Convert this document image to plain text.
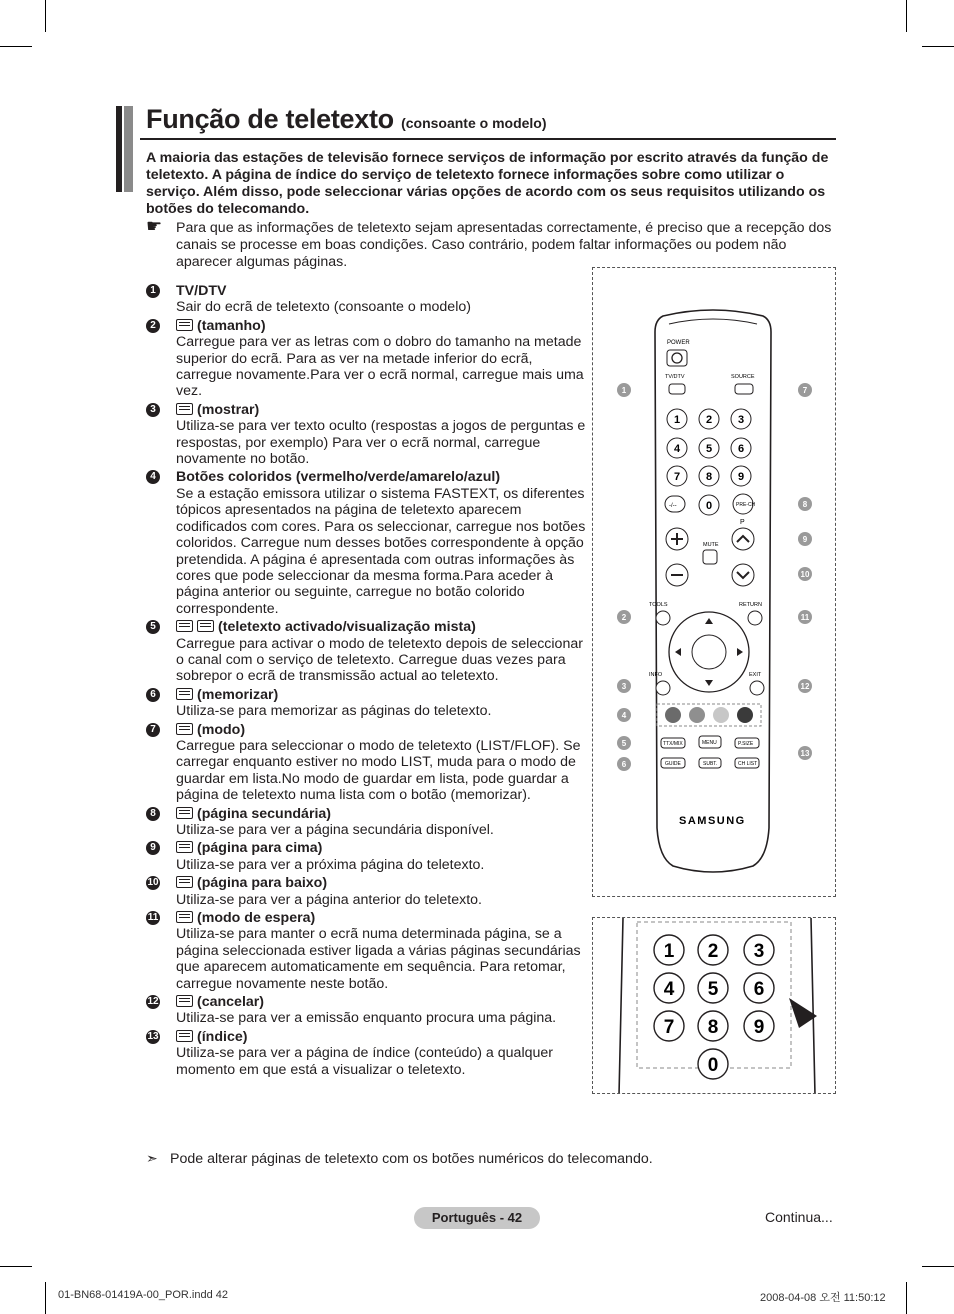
Função de teletexto (consoante o modelo)
A maioria das estações de televisão fornece serviços de informação por escrito através da função de teletexto. A página de índice do serviço de teletexto fornece informações sobre como utilizar o serviço. Além disso, pode seleccionar várias opções de acordo com os seus requisitos utilizando os botões do telecomando.
☛ Para que as informações de teletexto sejam apresentadas correctamente, é preciso que a recepção dos canais se processe em boas condições. Caso contrário, podem faltar informações ou podem não aparecer algumas páginas.
1 TV/DTV
Sair do ecrã de teletexto (consoante o modelo)
2	(tamanho)
Carregue para ver as letras com o dobro do tamanho na metade superior do ecrã. Para as ver na metade inferior do ecrã, carregue novamente.Para ver o ecrã normal, carregue mais uma vez.
3	(mostrar)
Utiliza-se para ver texto oculto (respostas a jogos de perguntas e respostas, por exemplo) Para ver o ecrã normal, carregue novamente no botão.
4 Botões coloridos (vermelho/verde/amarelo/azul)
Se a estação emissora utilizar o sistema FASTEXT, os diferentes tópicos apresentados na página de teletexto aparecem codificados com cores. Para os seleccionar, carregue nos botões coloridos. Carregue num desses botões correspondente à opção pretendida. A página é apresentada com outras informações às cores que pode seleccionar da mesma forma.Para aceder à página anterior ou seguinte, carregue no botão colorido correspondente.
5	(teletexto activado/visualização mista)
Carregue para activar o modo de teletexto depois de seleccionar o canal com o serviço de teletexto. Carregue duas vezes para sobrepor o ecrã de transmissão actual ao teletexto.
6	(memorizar)
Utiliza-se para memorizar as páginas do teletexto.
7	(modo)
Carregue para seleccionar o modo de teletexto (LIST/FLOF). Se carregar enquanto estiver no modo LIST, muda para o modo de guardar em lista.No modo de guardar em lista, pode guardar a página de teletexto numa lista com o botão (memorizar).
8	(página secundária)
Utiliza-se para ver a página secundária disponível.
9	(página para cima)
Utiliza-se para ver a próxima página do teletexto.
10	(página para baixo)
Utiliza-se para ver a página anterior do teletexto.
11	(modo de espera)
Utiliza-se para manter o ecrã numa determinada página, se a página seleccionada estiver ligada a várias páginas secundárias que aparecem automaticamente em sequência. Para retomar, carregue novamente neste botão.
12	(cancelar)
Utiliza-se para ver a emissão enquanto procura uma página.
13	(índice)
Utiliza-se para ver a página de índice (conteúdo) a qualquer momento em que está a visualizar o teletexto.
POWER
TV/DTV	SOURCE
1 2 3
4 5 6
7 8 9
0
-/--	PRE-CH
P
MUTE
TOOLS	RETURN
INFO	EXIT
TTX/MIX	MENU	P.SIZE
GUIDE	SUBT.	CH LIST
SAMSUNG
1
2
3
4
5
6
7
8
9
10
11
12
13
1 2 3
4 5 6
7 8 9
0
➣ Pode alterar páginas de teletexto com os botões numéricos do telecomando.
Português - 42	Continua...
01-BN68-01419A-00_POR.indd 42	2008-04-08 오전 11:50:12
